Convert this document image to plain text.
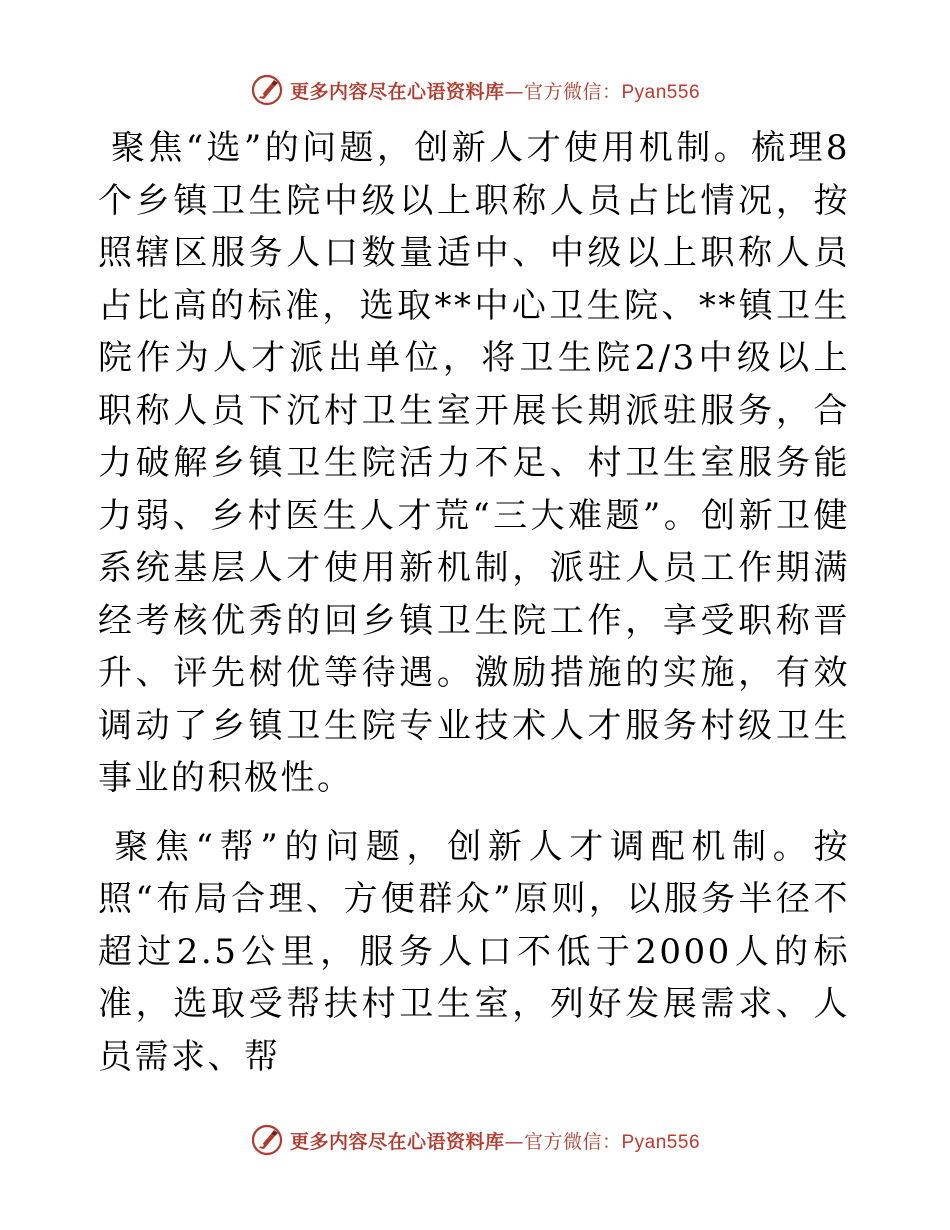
更多内容尽在心语资料库—官方微信：Pyan556

聚焦“选”的问题，创新人才使用机制。梳理8个乡镇卫生院中级以上职称人员占比情况，按照辖区服务人口数量适中、中级以上职称人员占比高的标准，选取**中心卫生院、**镇卫生院作为人才派出单位，将卫生院2/3中级以上职称人员下沉村卫生室开展长期派驻服务，合力破解乡镇卫生院活力不足、村卫生室服务能力弱、乡村医生人才荒“三大难题”。创新卫健系统基层人才使用新机制，派驻人员工作期满经考核优秀的回乡镇卫生院工作，享受职称晋升、评先树优等待遇。激励措施的实施，有效调动了乡镇卫生院专业技术人才服务村级卫生事业的积极性。

聚焦“帮”的问题，创新人才调配机制。按照“布局合理、方便群众”原则，以服务半径不超过2.5公里，服务人口不低于2000人的标准，选取受帮扶村卫生室，列好发展需求、人员需求、帮

更多内容尽在心语资料库—官方微信：Pyan556
